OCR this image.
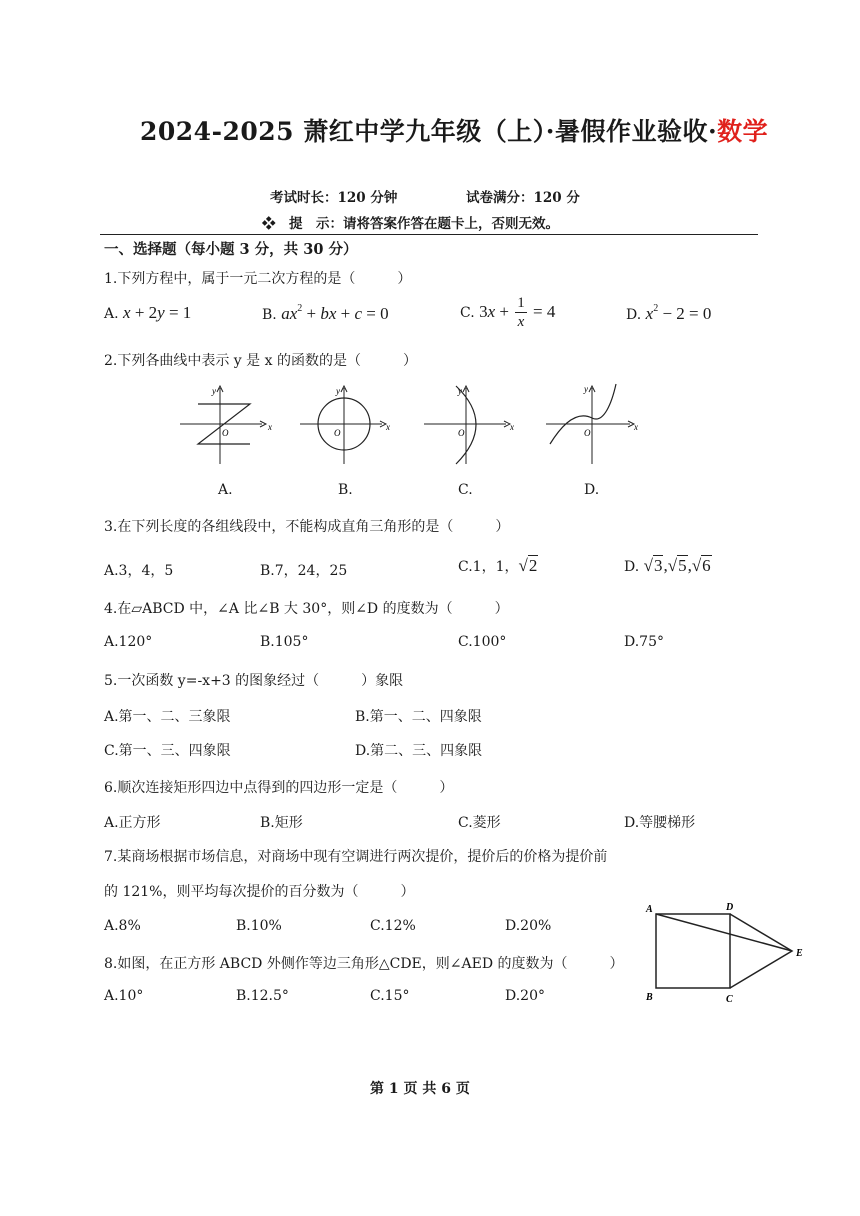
2024-2025 萧红中学九年级（上）·暑假作业验收·数学
考试时长：120 分钟	试卷满分：120 分
❖　提　示：请将答案作答在题卡上，否则无效。
一、选择题（每小题 3 分，共 30 分）
1.下列方程中，属于一元二次方程的是（　　　）
A. x + 2y = 1	B. $ax^2$ + bx + c = 0	C. $3x + \frac{1}{x} = 4$	D. $x^2 - 2 = 0$
2.下列各曲线中表示 y 是 x 的函数的是（　　　）
x
y
O
x
y
O
x
y
O
x
y
O
A.	B.	C.	D.
3.在下列长度的各组线段中，不能构成直角三角形的是（　　　）
A.3，4，5	B.7，24，25	C.1，1，√2	D. √3,√5,√6
4.在▱ABCD 中，∠A 比∠B 大 30°，则∠D 的度数为（　　　）
A.120°	B.105°	C.100°	D.75°
5.一次函数 y=-x+3 的图象经过（　　　）象限
A.第一、二、三象限	B.第一、二、四象限
C.第一、三、四象限	D.第二、三、四象限
6.顺次连接矩形四边中点得到的四边形一定是（　　　）
A.正方形	B.矩形	C.菱形	D.等腰梯形
7.某商场根据市场信息，对商场中现有空调进行两次提价，提价后的价格为提价前
的 121%，则平均每次提价的百分数为（　　　）
A.8%	B.10%	C.12%	D.20%
8.如图，在正方形 ABCD 外侧作等边三角形△CDE，则∠AED 的度数为（　　　）
A.10°	B.12.5°	C.15°	D.20°
A
B	C
D
E
第 1 页 共 6 页
